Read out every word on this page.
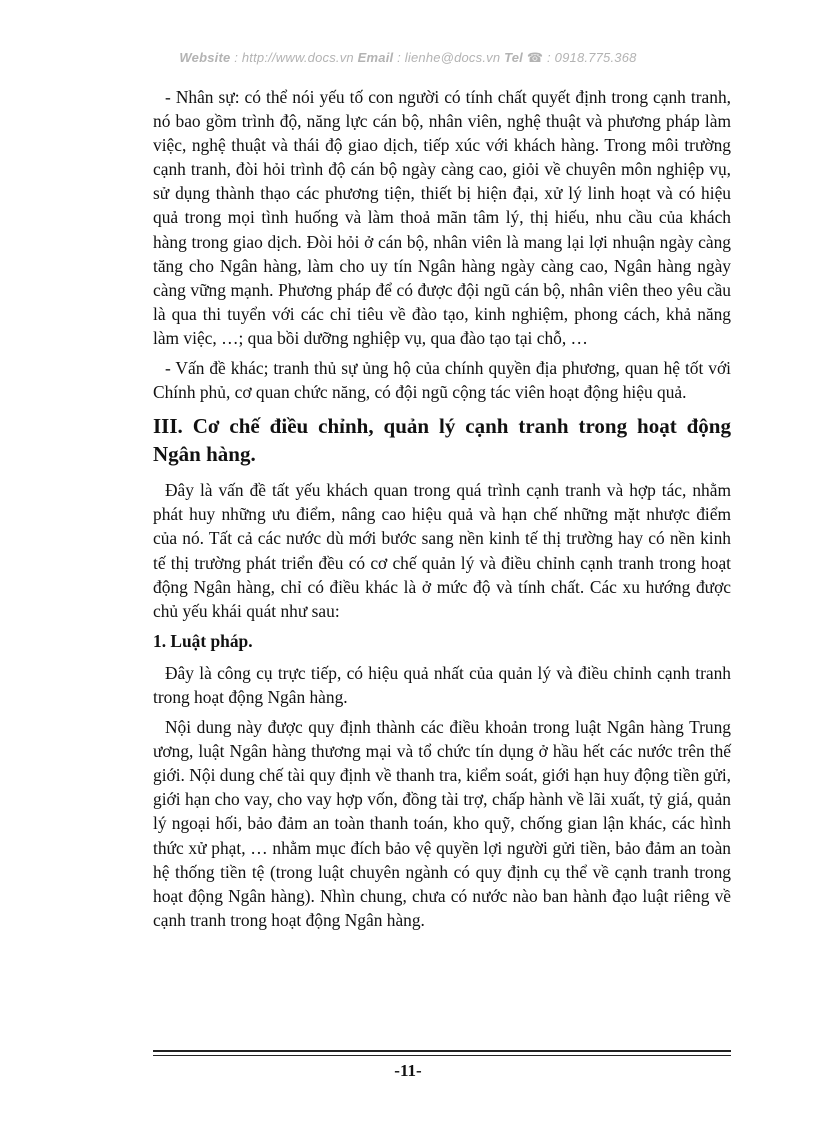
Website : http://www.docs.vn Email : lienhe@docs.vn Tel ☎ : 0918.775.368

- Nhân sự: có thể nói yếu tố con người có tính chất quyết định trong cạnh tranh, nó bao gồm trình độ, năng lực cán bộ, nhân viên, nghệ thuật và phương pháp làm việc, nghệ thuật và thái độ giao dịch, tiếp xúc với khách hàng. Trong môi trường cạnh tranh, đòi hỏi trình độ cán bộ ngày càng cao, giỏi về chuyên môn nghiệp vụ, sử dụng thành thạo các phương tiện, thiết bị hiện đại, xử lý linh hoạt và có hiệu quả trong mọi tình huống và làm thoả mãn tâm lý, thị hiếu, nhu cầu của khách hàng trong giao dịch. Đòi hỏi ở cán bộ, nhân viên là mang lại lợi nhuận ngày càng tăng cho Ngân hàng, làm cho uy tín Ngân hàng ngày càng cao, Ngân hàng ngày càng vững mạnh. Phương pháp để có được đội ngũ cán bộ, nhân viên theo yêu cầu là qua thi tuyển với các chỉ tiêu về đào tạo, kinh nghiệm, phong cách, khả năng làm việc, …; qua bồi dưỡng nghiệp vụ, qua đào tạo tại chỗ, …

- Vấn đề khác; tranh thủ sự ủng hộ của chính quyền địa phương, quan hệ tốt với Chính phủ, cơ quan chức năng, có đội ngũ cộng tác viên hoạt động hiệu quả.

III. Cơ chế điều chỉnh, quản lý cạnh tranh trong hoạt động Ngân hàng.

Đây là vấn đề tất yếu khách quan trong quá trình cạnh tranh và hợp tác, nhằm phát huy những ưu điểm, nâng cao hiệu quả và hạn chế những mặt nhược điểm của nó. Tất cả các nước dù mới bước sang nền kinh tế thị trường hay có nền kinh tế thị trường phát triển đều có cơ chế quản lý và điều chỉnh cạnh tranh trong hoạt động Ngân hàng, chỉ có điều khác là ở mức độ và tính chất. Các xu hướng được chủ yếu khái quát như sau:

1. Luật pháp.

Đây là công cụ trực tiếp, có hiệu quả nhất của quản lý và điều chỉnh cạnh tranh trong hoạt động Ngân hàng.

Nội dung này được quy định thành các điều khoản trong luật Ngân hàng Trung ương, luật Ngân hàng thương mại và tổ chức tín dụng ở hầu hết các nước trên thế giới. Nội dung chế tài quy định về thanh tra, kiểm soát, giới hạn huy động tiền gửi, giới hạn cho vay, cho vay hợp vốn, đồng tài trợ, chấp hành về lãi xuất, tỷ giá, quản lý ngoại hối, bảo đảm an toàn thanh toán, kho quỹ, chống gian lận khác, các hình thức xử phạt, … nhằm mục đích bảo vệ quyền lợi người gửi tiền, bảo đảm an toàn hệ thống tiền tệ (trong luật chuyên ngành có quy định cụ thể về cạnh tranh trong hoạt động Ngân hàng). Nhìn chung, chưa có nước nào ban hành đạo luật riêng về cạnh tranh trong hoạt động Ngân hàng.

-11-
